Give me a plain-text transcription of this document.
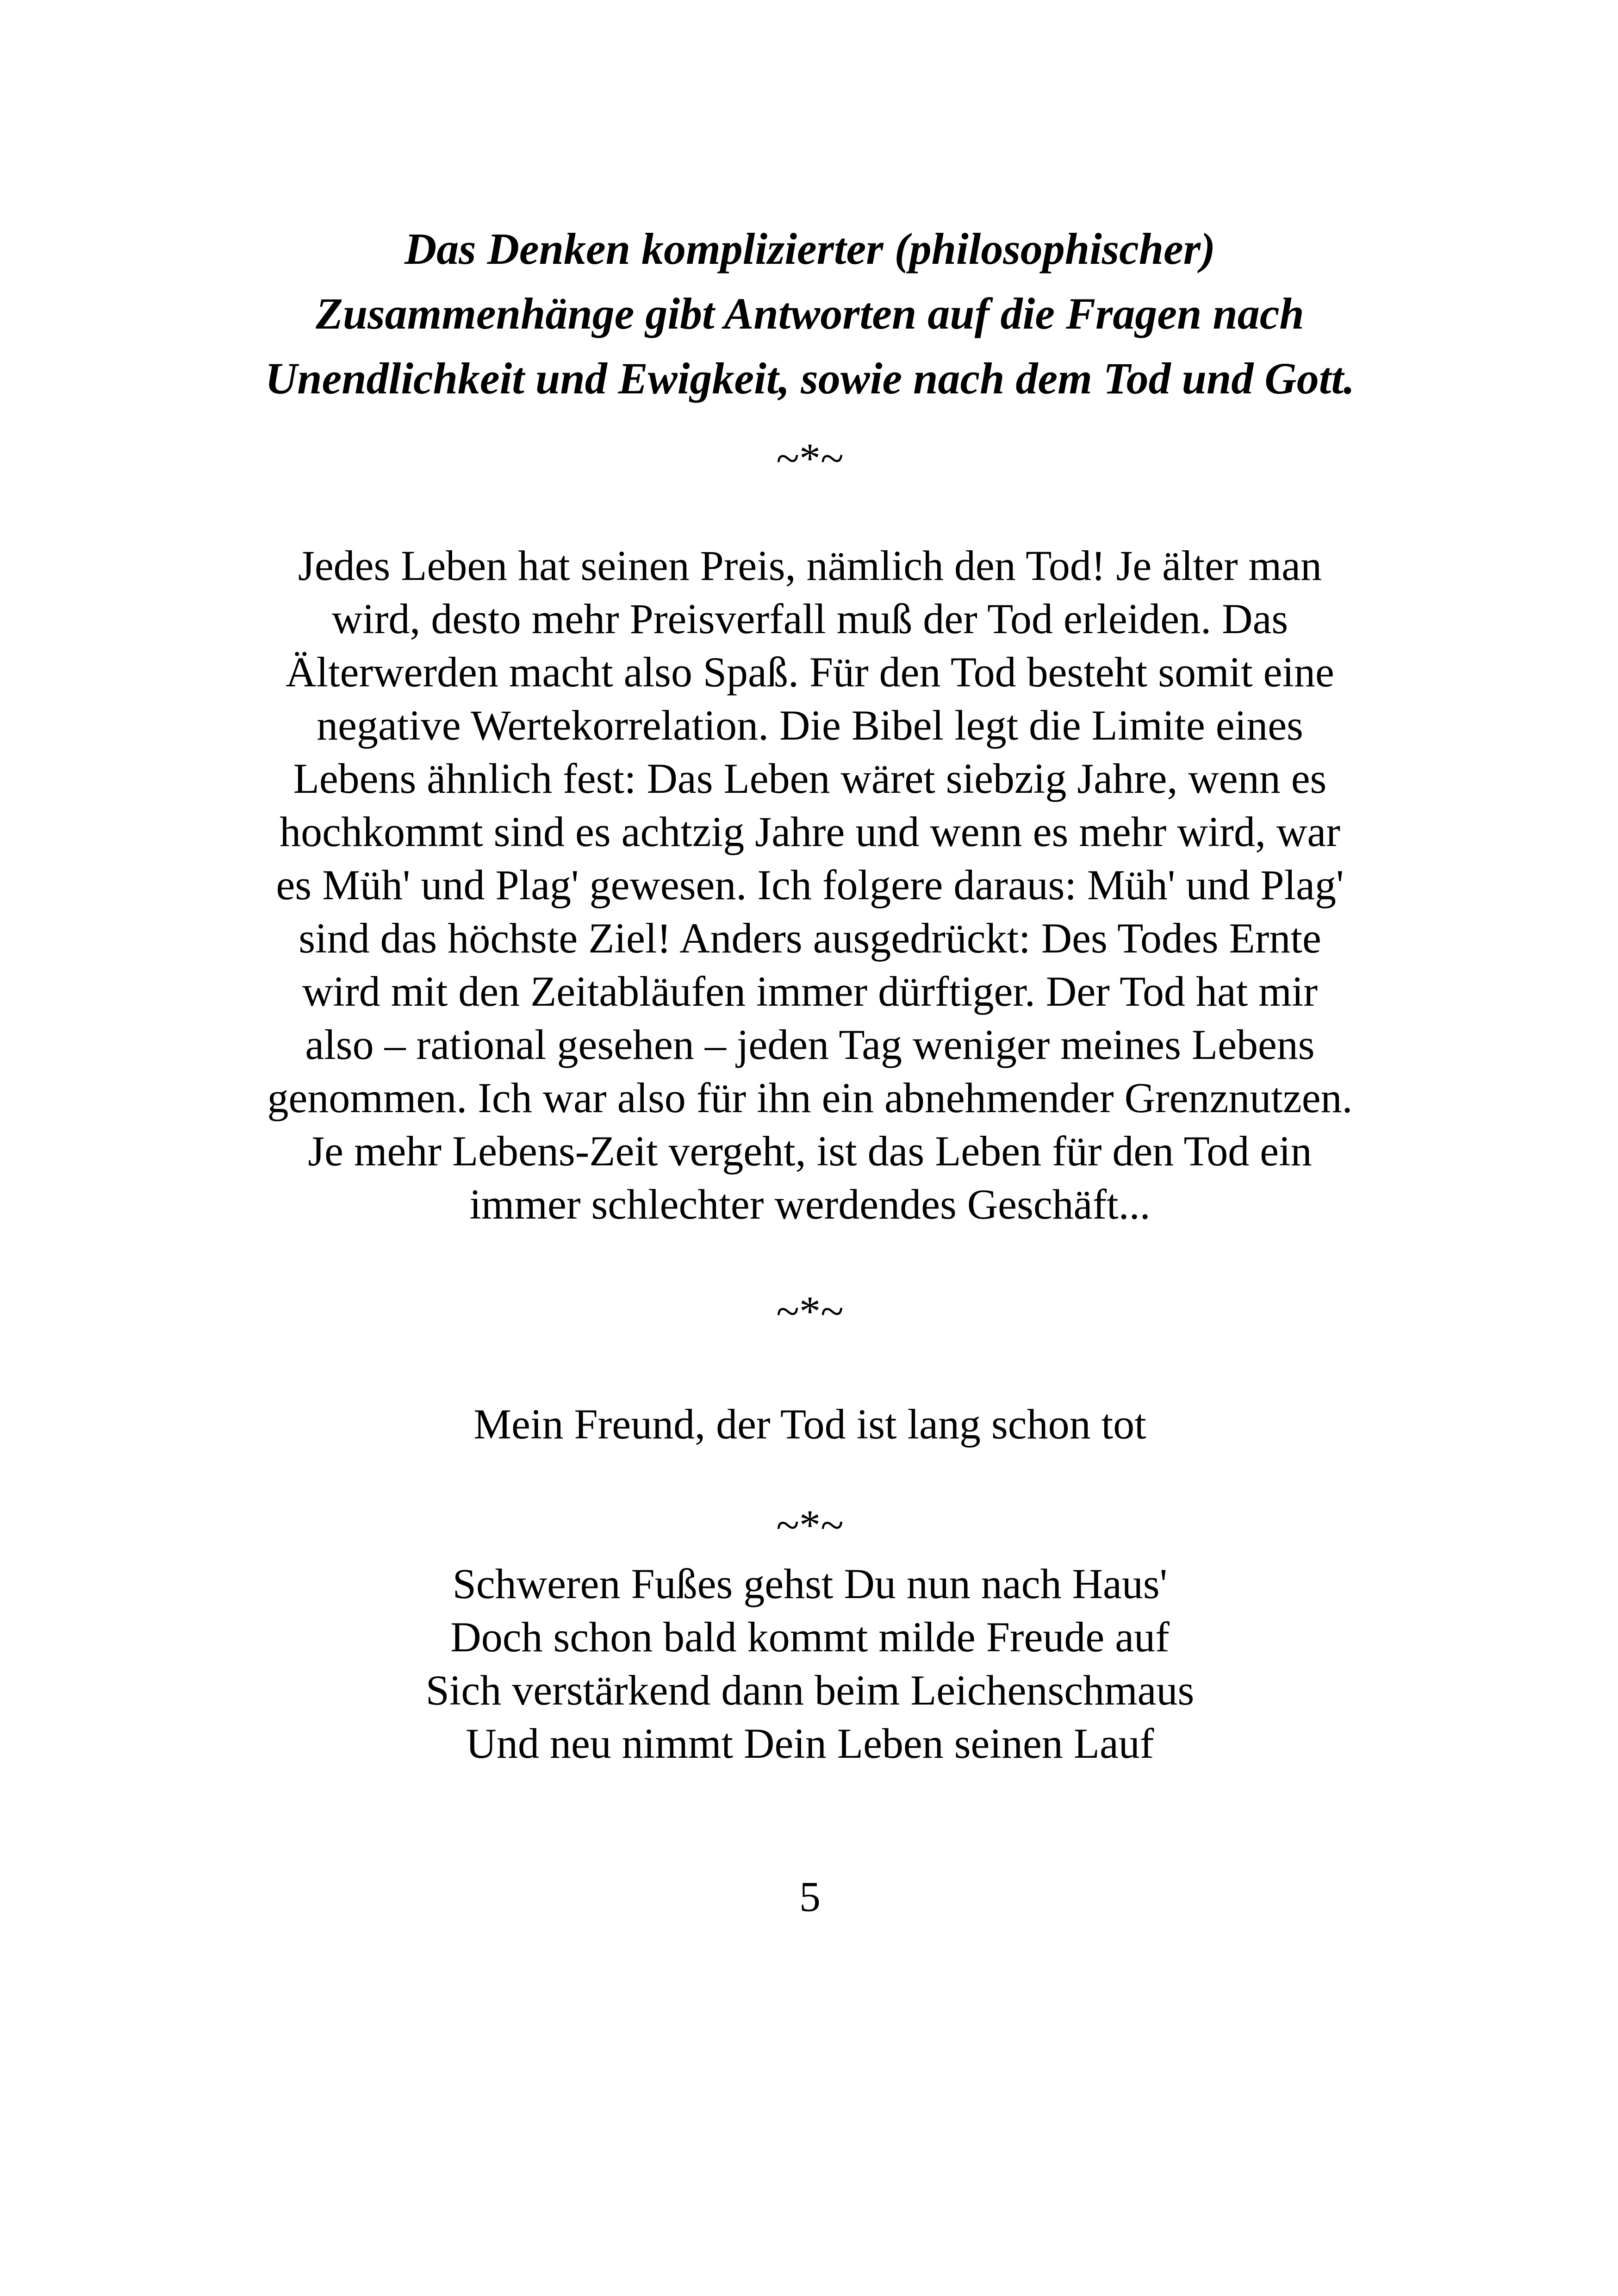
Das Denken komplizierter (philosophischer)
Zusammenhänge gibt Antworten auf die Fragen nach
Unendlichkeit und Ewigkeit, sowie nach dem Tod und Gott.
~*~
Jedes Leben hat seinen Preis, nämlich den Tod! Je älter man
wird, desto mehr Preisverfall muß der Tod erleiden. Das
Älterwerden macht also Spaß. Für den Tod besteht somit eine
negative Wertekorrelation. Die Bibel legt die Limite eines
Lebens ähnlich fest: Das Leben wäret siebzig Jahre, wenn es
hochkommt sind es achtzig Jahre und wenn es mehr wird, war
es Müh' und Plag' gewesen. Ich folgere daraus: Müh' und Plag'
sind das höchste Ziel! Anders ausgedrückt: Des Todes Ernte
wird mit den Zeitabläufen immer dürftiger. Der Tod hat mir
also – rational gesehen – jeden Tag weniger meines Lebens
genommen. Ich war also für ihn ein abnehmender Grenznutzen.
Je mehr Lebens-Zeit vergeht, ist das Leben für den Tod ein
immer schlechter werdendes Geschäft...
~*~
Mein Freund, der Tod ist lang schon tot
~*~
Schweren Fußes gehst Du nun nach Haus'
Doch schon bald kommt milde Freude auf
Sich verstärkend dann beim Leichenschmaus
Und neu nimmt Dein Leben seinen Lauf
5
